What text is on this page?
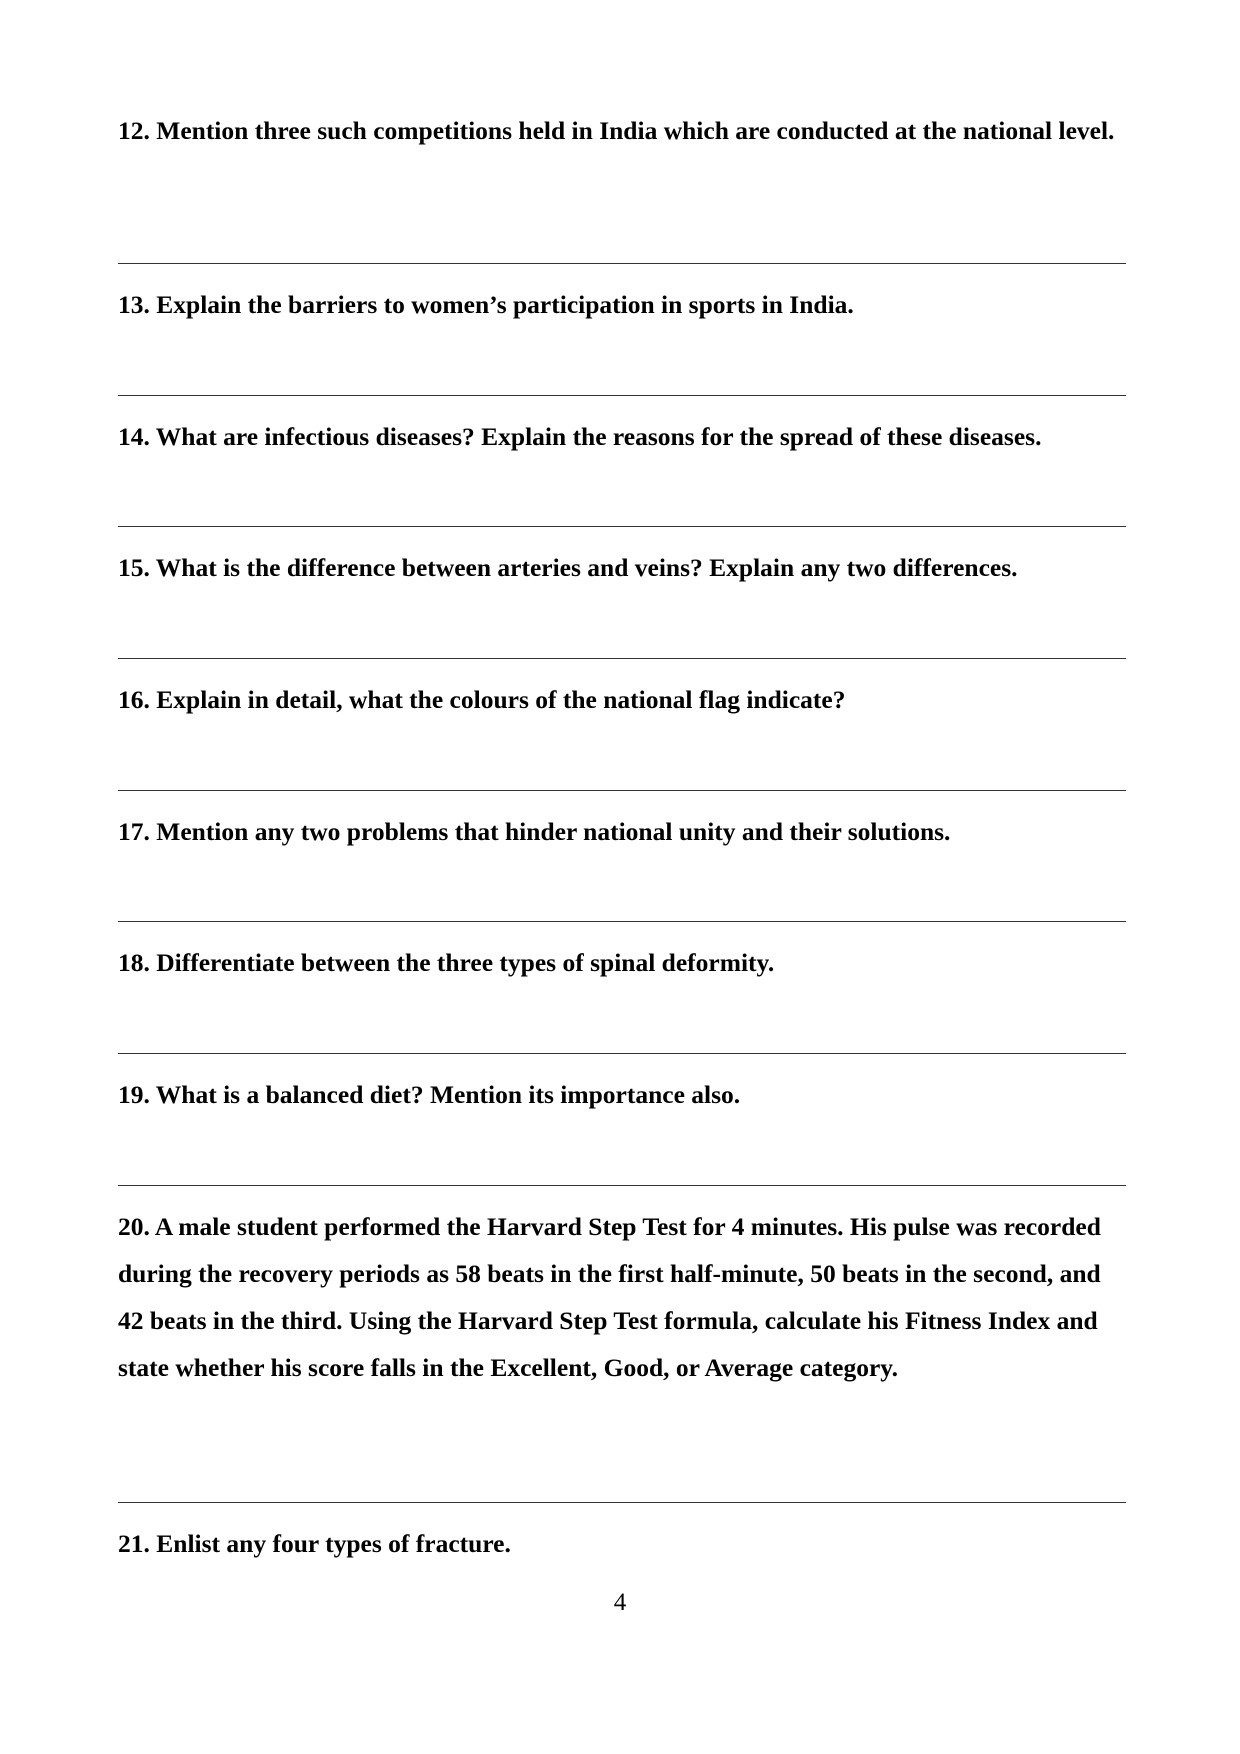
12. Mention three such competitions held in India which are conducted at the national level.

13. Explain the barriers to women’s participation in sports in India.

14. What are infectious diseases? Explain the reasons for the spread of these diseases.

15. What is the difference between arteries and veins? Explain any two differences.

16. Explain in detail, what the colours of the national flag indicate?

17. Mention any two problems that hinder national unity and their solutions.

18. Differentiate between the three types of spinal deformity.

19. What is a balanced diet? Mention its importance also.

20. A male student performed the Harvard Step Test for 4 minutes. His pulse was recorded during the recovery periods as 58 beats in the first half-minute, 50 beats in the second, and 42 beats in the third. Using the Harvard Step Test formula, calculate his Fitness Index and state whether his score falls in the Excellent, Good, or Average category.

21. Enlist any four types of fracture.

4
